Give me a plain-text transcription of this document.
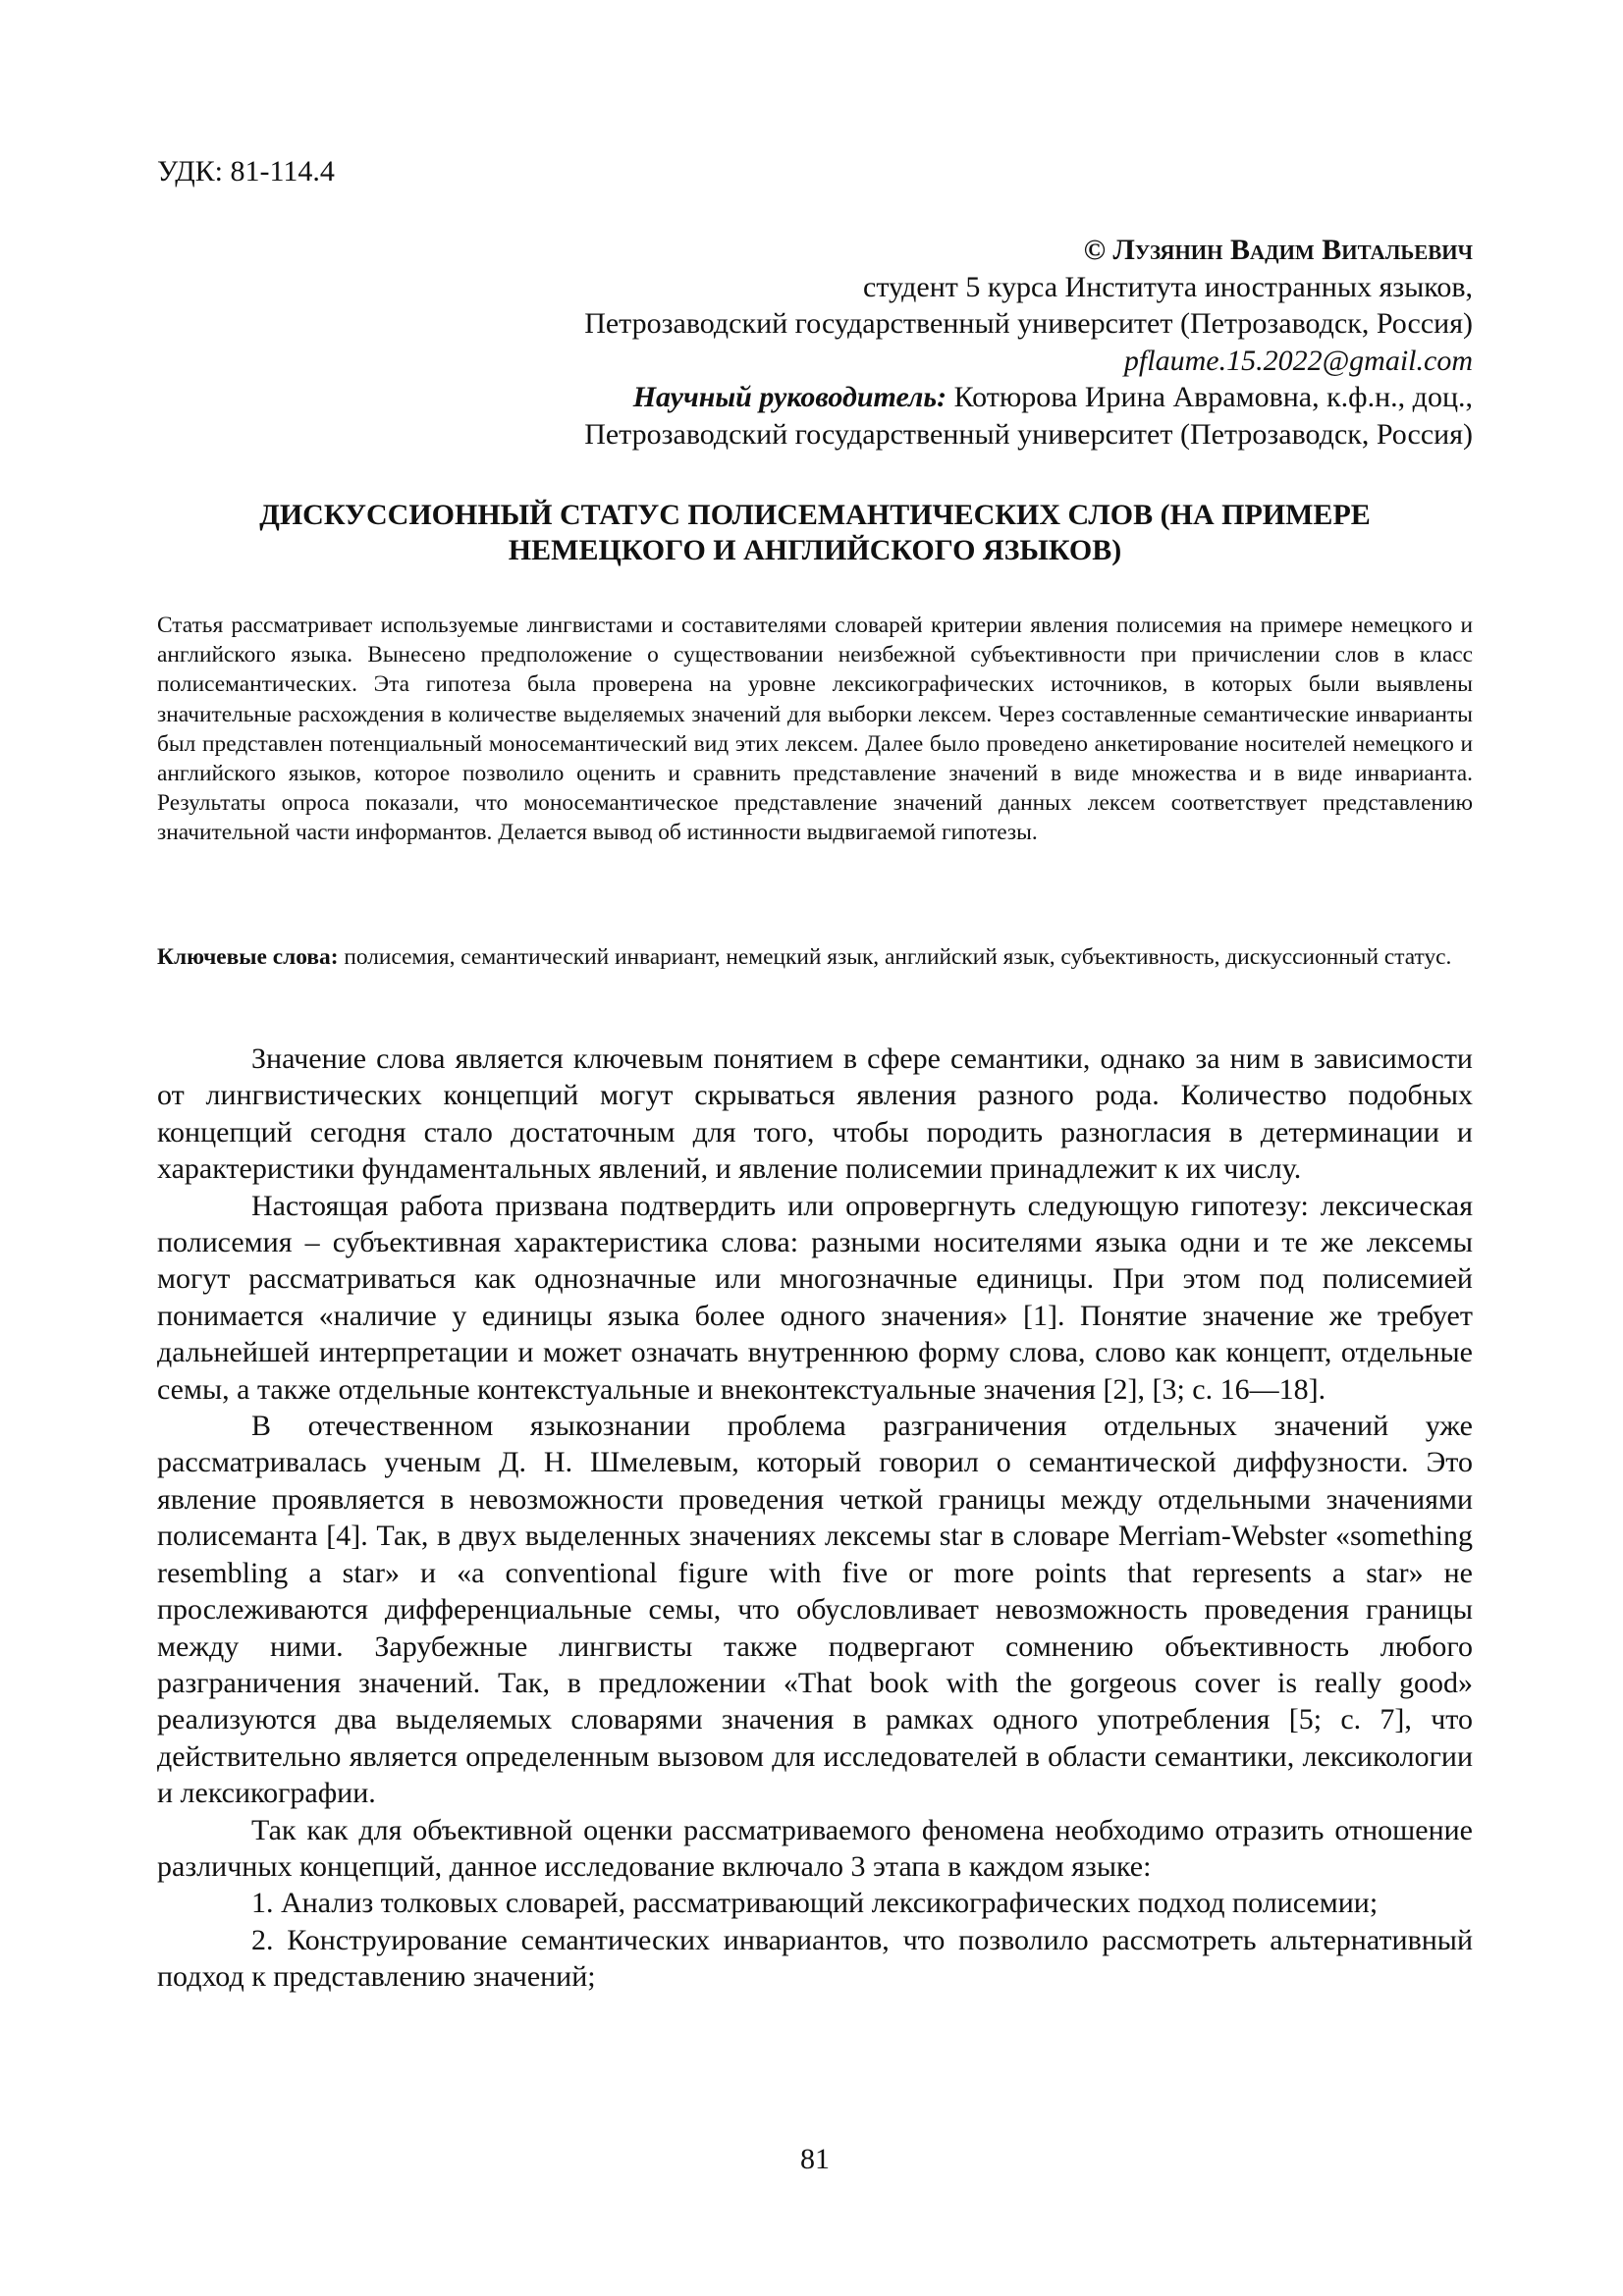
УДК: 81-114.4
© Лузянин Вадим Витальевич
студент 5 курса Института иностранных языков,
Петрозаводский государственный университет (Петрозаводск, Россия)
pflaume.15.2022@gmail.com
Научный руководитель: Котюрова Ирина Аврамовна, к.ф.н., доц.,
Петрозаводский государственный университет (Петрозаводск, Россия)
ДИСКУССИОННЫЙ СТАТУС ПОЛИСЕМАНТИЧЕСКИХ СЛОВ (НА ПРИМЕРЕ
НЕМЕЦКОГО И АНГЛИЙСКОГО ЯЗЫКОВ)
Статья рассматривает используемые лингвистами и составителями словарей критерии явления полисемия на примере немецкого и английского языка. Вынесено предположение о существовании неизбежной субъективности при причислении слов в класс полисемантических. Эта гипотеза была проверена на уровне лексикографических источников, в которых были выявлены значительные расхождения в количестве выделяемых значений для выборки лексем. Через составленные семантические инварианты был представлен потенциальный моносемантический вид этих лексем. Далее было проведено анкетирование носителей немецкого и английского языков, которое позволило оценить и сравнить представление значений в виде множества и в виде инварианта. Результаты опроса показали, что моносемантическое представление значений данных лексем соответствует представлению значительной части информантов. Делается вывод об истинности выдвигаемой гипотезы.
Ключевые слова: полисемия, семантический инвариант, немецкий язык, английский язык, субъективность, дискуссионный статус.

Значение слова является ключевым понятием в сфере семантики, однако за ним в зависимости от лингвистических концепций могут скрываться явления разного рода. Количество подобных концепций сегодня стало достаточным для того, чтобы породить разногласия в детерминации и характеристики фундаментальных явлений, и явление полисемии принадлежит к их числу.

Настоящая работа призвана подтвердить или опровергнуть следующую гипотезу: лексическая полисемия – субъективная характеристика слова: разными носителями языка одни и те же лексемы могут рассматриваться как однозначные или многозначные единицы. При этом под полисемией понимается «наличие у единицы языка более одного значения» [1]. Понятие значение же требует дальнейшей интерпретации и может означать внутреннюю форму слова, слово как концепт, отдельные семы, а также отдельные контекстуальные и внеконтекстуальные значения [2], [3; с. 16—18].

В отечественном языкознании проблема разграничения отдельных значений уже рассматривалась ученым Д. Н. Шмелевым, который говорил о семантической диффузности. Это явление проявляется в невозможности проведения четкой границы между отдельными значениями полисеманта [4]. Так, в двух выделенных значениях лексемы star в словаре Merriam-Webster «something resembling a star» и «a conventional figure with five or more points that represents a star» не прослеживаются дифференциальные семы, что обусловливает невозможность проведения границы между ними. Зарубежные лингвисты также подвергают сомнению объективность любого разграничения значений. Так, в предложении «That book with the gorgeous cover is really good» реализуются два выделяемых словарями значения в рамках одного употребления [5; с. 7], что действительно является определенным вызовом для исследователей в области семантики, лексикологии и лексикографии.

Так как для объективной оценки рассматриваемого феномена необходимо отразить отношение различных концепций, данное исследование включало 3 этапа в каждом языке:

1. Анализ толковых словарей, рассматривающий лексикографических подход полисемии;

2. Конструирование семантических инвариантов, что позволило рассмотреть альтернативный подход к представлению значений;

81
